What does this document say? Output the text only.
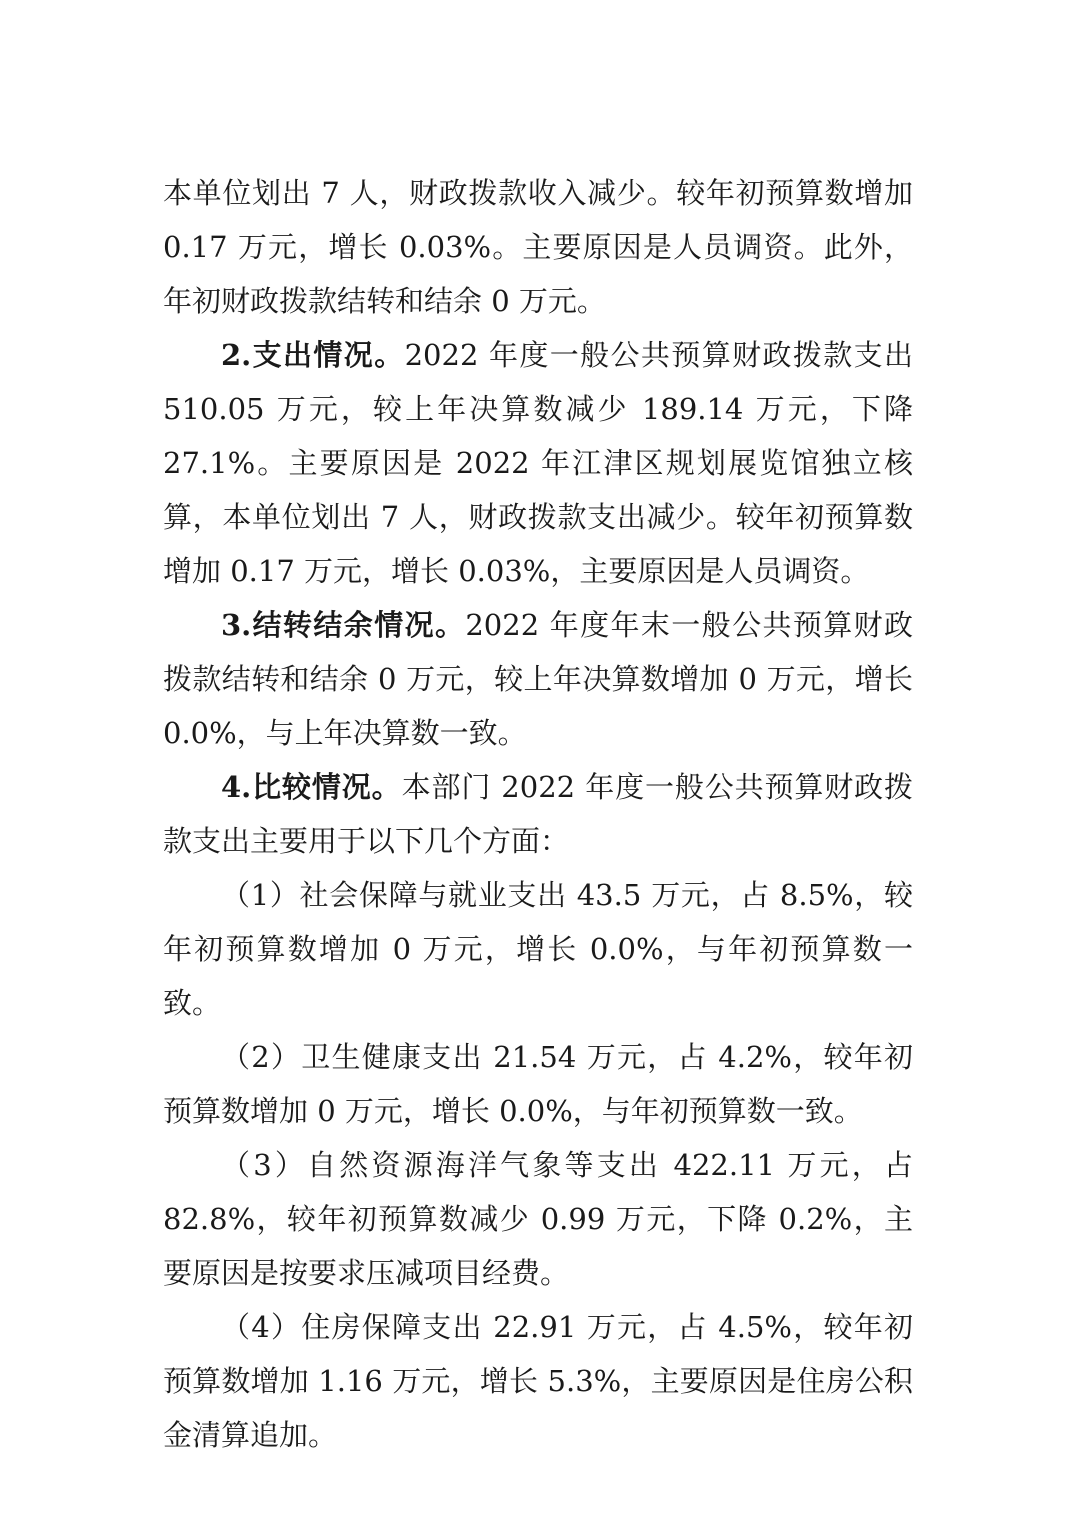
本单位划出 7 人，财政拨款收入减少。较年初预算数增加 0.17 万元，增长 0.03%。主要原因是人员调资。此外，年初财政拨款结转和结余 0 万元。

2.支出情况。2022 年度一般公共预算财政拨款支出 510.05 万元，较上年决算数减少 189.14 万元，下降 27.1%。主要原因是 2022 年江津区规划展览馆独立核算，本单位划出 7 人，财政拨款支出减少。较年初预算数增加 0.17 万元，增长 0.03%，主要原因是人员调资。

3.结转结余情况。2022 年度年末一般公共预算财政拨款结转和结余 0 万元，较上年决算数增加 0 万元，增长 0.0%，与上年决算数一致。

4.比较情况。本部门 2022 年度一般公共预算财政拨款支出主要用于以下几个方面：

（1）社会保障与就业支出 43.5 万元，占 8.5%，较年初预算数增加 0 万元，增长 0.0%，与年初预算数一致。

（2）卫生健康支出 21.54 万元，占 4.2%，较年初预算数增加 0 万元，增长 0.0%，与年初预算数一致。

（3）自然资源海洋气象等支出 422.11 万元，占 82.8%，较年初预算数减少 0.99 万元，下降 0.2%，主要原因是按要求压减项目经费。

（4）住房保障支出 22.91 万元，占 4.5%，较年初预算数增加 1.16 万元，增长 5.3%，主要原因是住房公积金清算追加。
